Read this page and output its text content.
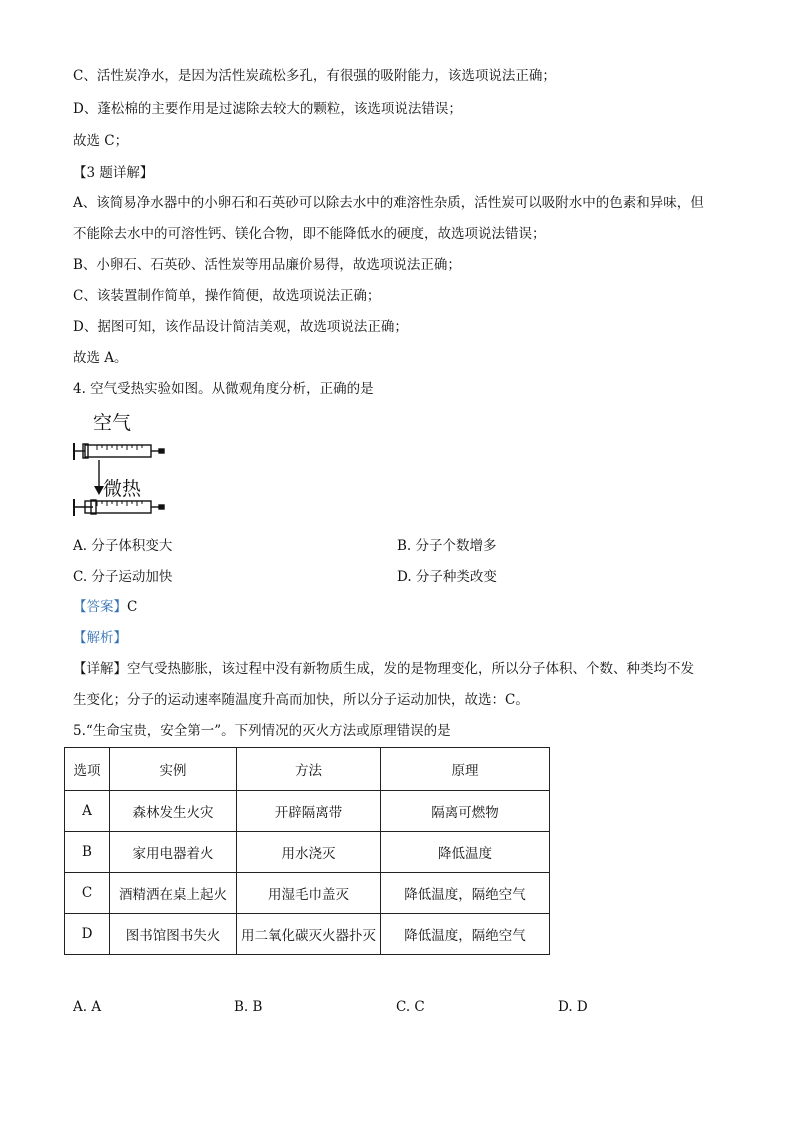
C、活性炭净水，是因为活性炭疏松多孔，有很强的吸附能力，该选项说法正确；
D、蓬松棉的主要作用是过滤除去较大的颗粒，该选项说法错误；
故选 C；
【3 题详解】
A、该简易净水器中的小卵石和石英砂可以除去水中的难溶性杂质，活性炭可以吸附水中的色素和异味，但
不能除去水中的可溶性钙、镁化合物，即不能降低水的硬度，故选项说法错误；
B、小卵石、石英砂、活性炭等用品廉价易得，故选项说法正确；
C、该装置制作简单，操作简便，故选项说法正确；
D、据图可知，该作品设计简洁美观，故选项说法正确；
故选 A。
4. 空气受热实验如图。从微观角度分析，正确的是
空气
微热
A. 分子体积变大	B. 分子个数增多
C. 分子运动加快	D. 分子种类改变
【答案】C
【解析】
【详解】空气受热膨胀，该过程中没有新物质生成，发的是物理变化，所以分子体积、个数、种类均不发
生变化；分子的运动速率随温度升高而加快，所以分子运动加快，故选：C。
5.“生命宝贵，安全第一”。下列情况的灭火方法或原理错误的是
选项	实例	方法	原理
A	森林发生火灾	开辟隔离带	隔离可燃物
B	家用电器着火	用水浇灭	降低温度
C	酒精洒在桌上起火	用湿毛巾盖灭	降低温度，隔绝空气
D	图书馆图书失火	用二氧化碳灭火器扑灭	降低温度，隔绝空气
A. A	B. B	C. C	D. D
